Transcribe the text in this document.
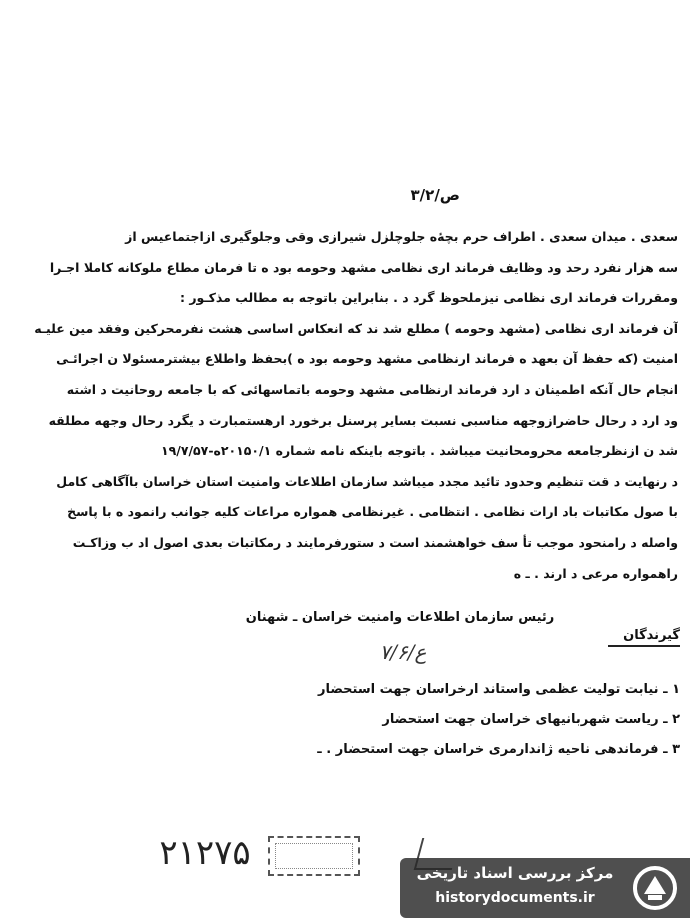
ص/۳/۲
سعدی . میدان سعدی . اطراف حرم بچۀه جلوچلزل شیرازی وقی وجلوگیری ازاجتماعیس از
سه هزار نفرد رحد ود وظایف فرماند اری نظامی مشهد وحومه بود ه تا فرمان مطاع ملوکانه کاملا اجـرا
ومقررات فرماند اری نظامی نیزملحوظ گرد د . بنابراین باتوجه به مطالب مذکـور :
آن فرماند اری نظامی (مشهد وحومه ) مطلع شد ند که انعکاس اساسی هشت نفرمحرکین وفقد مین علیـه
امنیت (که حفظ آن بعهد ه فرماند ارنظامی مشهد وحومه بود ه )بحفظ واطلاع بیشترمسئولا ن اجرائـی
انجام حال آنکه اطمینان د ارد فرماند ارنظامی مشهد وحومه باتماسهائی که با جامعه روحانیت د اشته
ود ارد د رحال حاضرازوجهه مناسبی نسبت بسایر پرسنل برخورد ارهستمبارت د یگرد رحال وجهه مطلقه
شد ن ازنظرجامعه محرومحانیت میباشد . باتوجه باینکه نامه شماره ۲۰۱۵۰/۱ه-۱۹/۷/۵۷
د رنهایت د قت تنظیم وحدود تائید مجدد میباشد سازمان اطلاعات وامنیت استان خراسان باآگاهی کامل
با صول مکاتبات باد ارات نظامی . انتظامی . غیرنظامی همواره مراعات کلیه جوانب رانمود ه با پاسخ
واصله د رامنحود موجب تأ سف خواهشمند است د ستورفرمایند د رمکاتبات بعدی اصول اد ب وزاکـت
راهمواره مرعی د ارند . ـ ه
رئیس سازمان اطلاعات وامنیت خراسان ـ شهنان
گیرندگان
۷/۶/ع
۱ ـ نیابت تولیت عظمی واستاند ارخراسان جهت استحضار
۲ ـ ریاست شهربانیهای خراسان جهت استحضار
۳ ـ فرماندهی ناحیه ژاندارمری خراسان جهت استحضار . ـ
۲۱۲۷۵	مرکز بررسی اسناد تاریخی
historydocuments.ir
